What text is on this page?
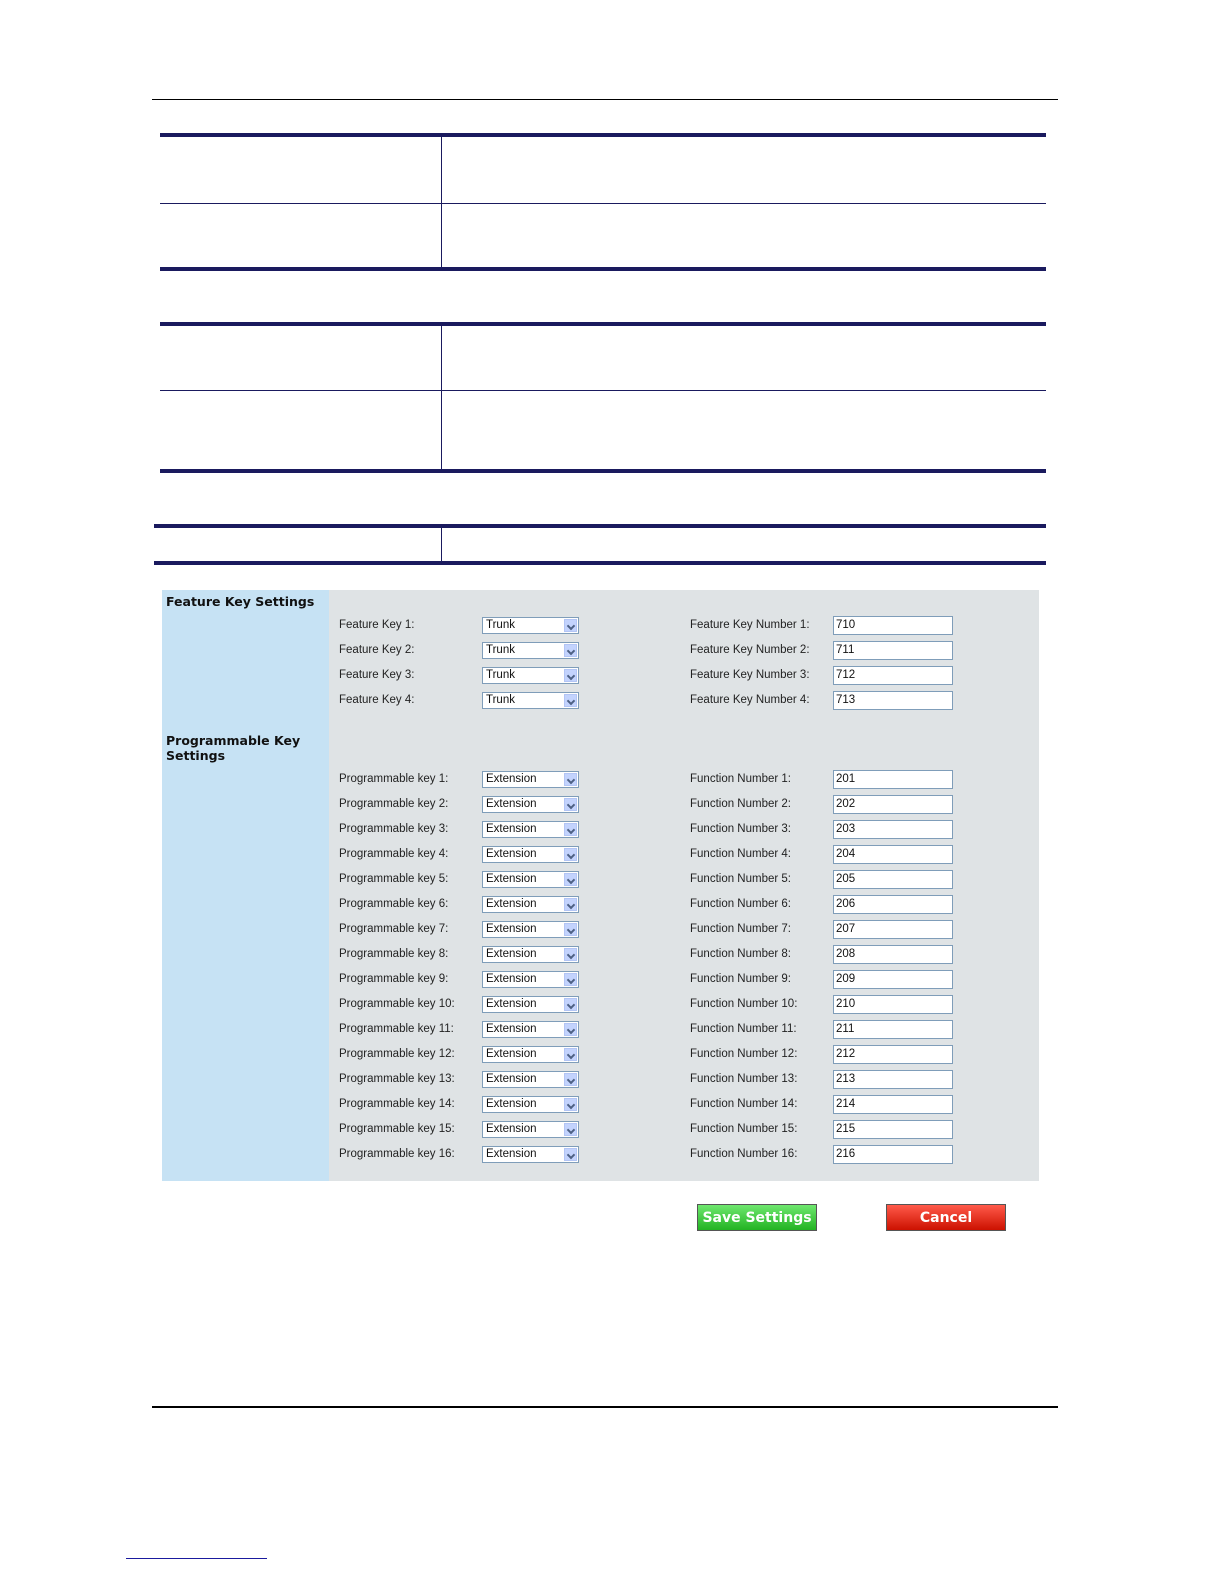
Feature Key Settings
Programmable Key
Settings
Feature Key 1:	Trunk	Feature Key Number 1: 710
Feature Key 2:	Trunk	Feature Key Number 2: 711
Feature Key 3:	Trunk	Feature Key Number 3: 712
Feature Key 4:	Trunk	Feature Key Number 4: 713
Programmable key 1:	Extension	Function Number 1:	201
Programmable key 2:	Extension	Function Number 2:	202
Programmable key 3:	Extension	Function Number 3:	203
Programmable key 4:	Extension	Function Number 4:	204
Programmable key 5:	Extension	Function Number 5:	205
Programmable key 6:	Extension	Function Number 6:	206
Programmable key 7:	Extension	Function Number 7:	207
Programmable key 8:	Extension	Function Number 8:	208
Programmable key 9:	Extension	Function Number 9:	209
Programmable key 10:	Extension	Function Number 10:	210
Programmable key 11:	Extension	Function Number 11:	211
Programmable key 12:	Extension	Function Number 12:	212
Programmable key 13:	Extension	Function Number 13:	213
Programmable key 14:	Extension	Function Number 14:	214
Programmable key 15:	Extension	Function Number 15:	215
Programmable key 16:	Extension	Function Number 16:	216
Save Settings	Cancel
